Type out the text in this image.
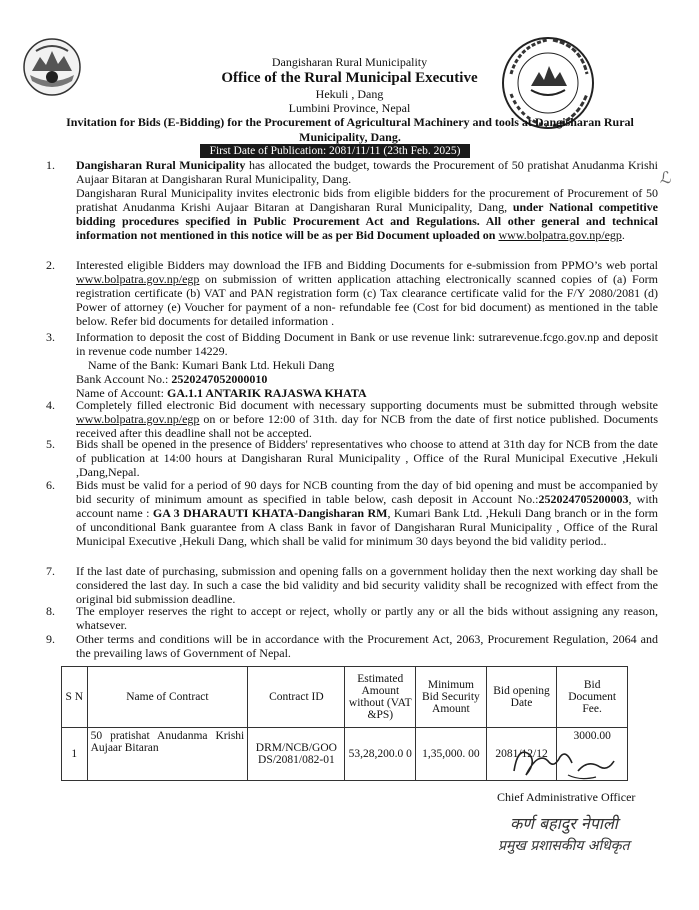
Dangisharan Rural Municipality
Office of the Rural Municipal Executive
Hekuli , Dang
Lumbini Province, Nepal
Invitation for Bids (E-Bidding) for the Procurement of Agricultural Machinery and tools at Dangisharan Rural Municipality, Dang.
First Date of Publication: 2081/11/11 (23th Feb. 2025)
ℒ
1. Dangisharan Rural Municipality has allocated the budget, towards the Procurement of 50 pratishat Anudanma Krishi Aujaar Bitaran at Dangisharan Rural Municipality, Dang.
Dangisharan Rural Municipality invites electronic bids from eligible bidders for the procurement of Procurement of 50 pratishat Anudanma Krishi Aujaar Bitaran at Dangisharan Rural Municipality, Dang, under National competitive bidding procedures specified in Public Procurement Act and Regulations. All other general and technical information not mentioned in this notice will be as per Bid Document uploaded on www.bolpatra.gov.np/egp.
2. Interested eligible Bidders may download the IFB and Bidding Documents for e-submission from PPMO’s web portal www.bolpatra.gov.np/egp on submission of written application attaching electronically scanned copies of (a) Form registration certificate (b) VAT and PAN registration form (c) Tax clearance certificate valid for the F/Y 2080/2081 (d) Power of attorney (e) Voucher for payment of a non- refundable fee (Cost for bid document) as mentioned in the table below. Refer bid documents for detailed information .
3. Information to deposit the cost of Bidding Document in Bank or use revenue link: sutrarevenue.fcgo.gov.np and deposit in revenue code number 14229.
Name of the Bank: Kumari Bank Ltd. Hekuli Dang
Bank Account No.: 2520247052000010
Name of Account: GA.1.1 ANTARIK RAJASWA KHATA
4. Completely filled electronic Bid document with necessary supporting documents must be submitted through website www.bolpatra.gov.np/egp on or before 12:00 of 31th. day for NCB from the date of first notice published. Documents received after this deadline shall not be accepted.
5. Bids shall be opened in the presence of Bidders' representatives who choose to attend at 31th day for NCB from the date of publication at 14:00 hours at Dangisharan Rural Municipality , Office of the Rural Municipal Executive ,Hekuli ,Dang,Nepal.
6. Bids must be valid for a period of 90 days for NCB counting from the day of bid opening and must be accompanied by bid security of minimum amount as specified in table below, cash deposit in Account No.:252024705200003, with account name : GA 3 DHARAUTI KHATA-Dangisharan RM, Kumari Bank Ltd. ,Hekuli Dang branch or in the form of unconditional Bank guarantee from A class Bank in favor of Dangisharan Rural Municipality , Office of the Rural Municipal Executive ,Hekuli Dang, which shall be valid for minimum 30 days beyond the bid validity period..
7. If the last date of purchasing, submission and opening falls on a government holiday then the next working day shall be considered the last day. In such a case the bid validity and bid security validity shall be recognized with effect from the original bid submission deadline.
8. The employer reserves the right to accept or reject, wholly or partly any or all the bids without assigning any reason, whatsever.
9. Other terms and conditions will be in accordance with the Procurement Act, 2063, Procurement Regulation, 2064 and the prevailing laws of Government of Nepal.
S N	Name of Contract	Contract ID	Estimated Amount without (VAT &PS)	Minimum Bid Security Amount	Bid opening Date	Bid Document Fee.
1	50 pratishat Anudanma Krishi Aujaar Bitaran	DRM/NCB/GOO DS/2081/082-01	53,28,200.0 0	1,35,000. 00	2081/12/12	3000.00
Chief Administrative Officer
कर्ण बहादुर नेपाली
प्रमुख प्रशासकीय अधिकृत
